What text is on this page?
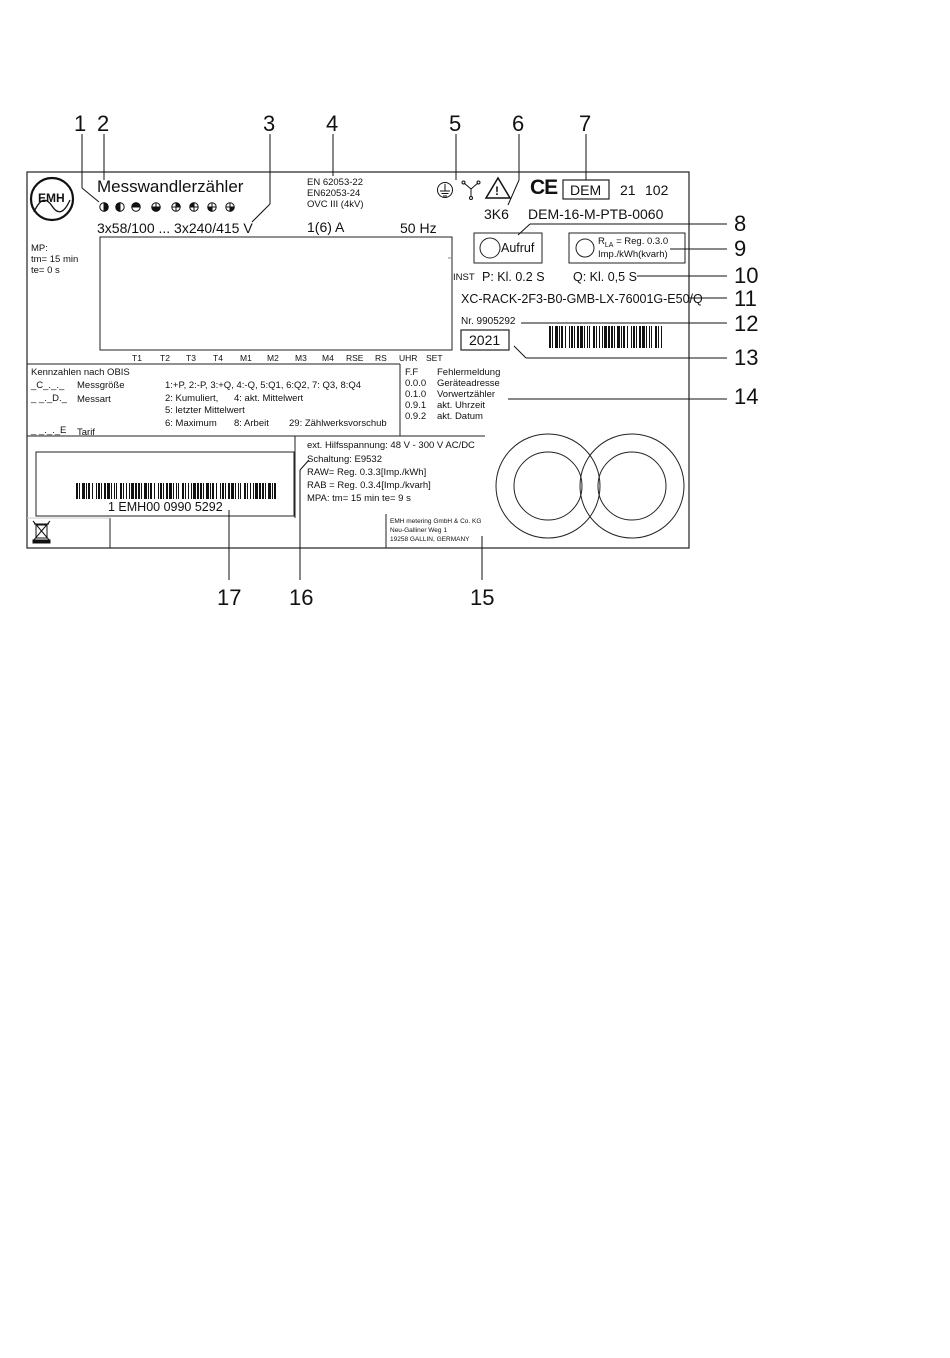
1 2	3 4	5 6 7
8
9
10
11
12
13
14
15
16
17
EMH
Messwandlerzähler
3x58/100 ... 3x240/415 V
EN 62053-22
EN62053-24
OVC III (4kV)
1(6) A	50 Hz
!
3K6
CE DEM 21 102
DEM-16-M-PTB-0060
Aufruf	$R_{LA}$ = Reg. 0.3.0
Imp./kWh(kvarh)
MP:
tm= 15 min
te= 0 s
INST P: Kl. 0.2 S Q: Kl. 0,5 S
XC-RACK-2F3-B0-GMB-LX-76001G-E50/Q
Nr. 9905292
2021
T1 T2 T3 T4 M1 M2 M3 M4 RSE RS UHR SET
Kennzahlen nach OBIS
_C_._._ Messgröße
_ _._D._ Messart
_ _._._E Tarif
1:+P, 2:-P, 3:+Q, 4:-Q, 5:Q1, 6:Q2, 7: Q3, 8:Q4
2: Kumuliert, 4: akt. Mittelwert
5: letzter Mittelwert
6: Maximum 8: Arbeit 29: Zählwerksvorschub
F.F Fehlermeldung
0.0.0 Geräteadresse
0.1.0 Vorwertzähler
0.9.1 akt. Uhrzeit
0.9.2 akt. Datum
ext. Hilfsspannung: 48 V - 300 V AC/DC
Schaltung: E9532
RAW= Reg. 0.3.3[Imp./kWh]
RAB = Reg. 0.3.4[Imp./kvarh]
MPA: tm= 15 min te= 9 s
1 EMH00 0990 5292
EMH metering GmbH & Co. KG
Neu-Galliner Weg 1
19258 GALLIN, GERMANY
